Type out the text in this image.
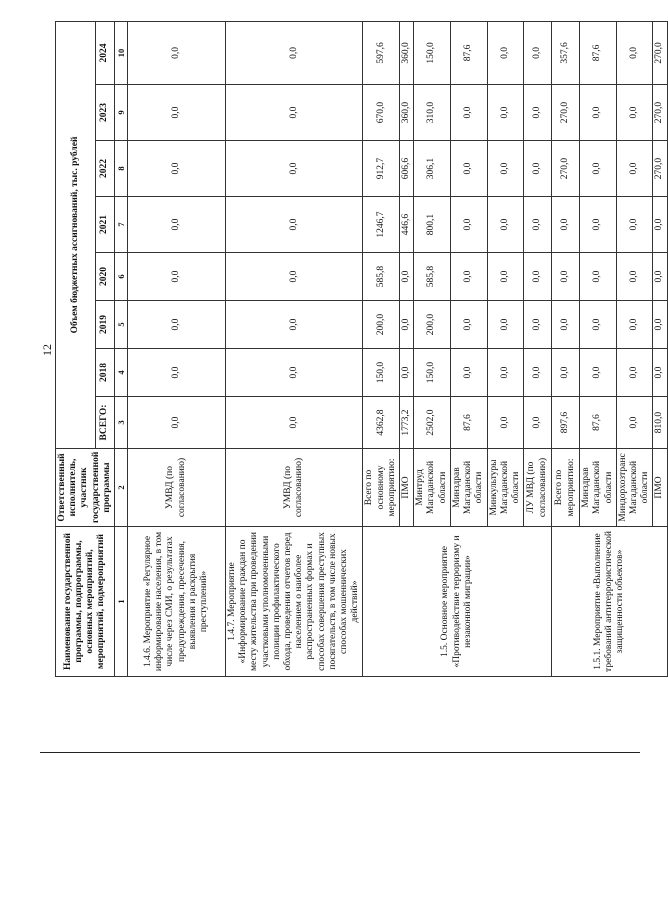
12
Наименование государственной программы, подпрограммы, основных мероприятий, мероприятий, подмероприятий	Ответственный исполнитель, участник государственной программы	Объем бюджетных ассигнований, тыс. рублей							
		ВСЕГО:	2018	2019	2020	2021	2022	2023	2024
1	2	3	4	5	6	7	8	9	10
1.4.6. Мероприятие «Регулярное информирование населения, в том числе через СМИ, о результатах предупреждения, пресечения, выявления и раскрытия преступлений»	УМВД (по согласованию)	0,0	0,0	0,0	0,0	0,0	0,0	0,0	0,0
1.4.7. Мероприятие «Информирование граждан по месту жительства при проведении участковыми уполномоченными полиции профилактического обхода, проведении отчетов перед населением о наиболее распространенных формах и способах совершения преступных посягательств, в том числе новых способах мошеннических действий»	УМВД (по согласованию)	0,0	0,0	0,0	0,0	0,0	0,0	0,0	0,0
1.5. Основное мероприятие «Противодействие терроризму и незаконной миграции»	Всего по основному мероприятию:	4362,8	150,0	200,0	585,8	1246,7	912,7	670,0	597,6
	ПМО	1773,2	0,0	0,0	0,0	446,6	606,6	360,0	360,0
	Минтруд Магаданской области	2502,0	150,0	200,0	585,8	800,1	306,1	310,0	150,0
	Минздрав Магаданской области	87,6	0,0	0,0	0,0	0,0	0,0	0,0	87,6
	Минкультуры Магаданской области	0,0	0,0	0,0	0,0	0,0	0,0	0,0	0,0
	ЛУ МВД (по согласованию)	0,0	0,0	0,0	0,0	0,0	0,0	0,0	0,0
1.5.1. Мероприятие «Выполнение требований антитеррористической защищенности объектов»	Всего по мероприятию:	897,6	0,0	0,0	0,0	0,0	270,0	270,0	357,6
	Минздрав Магаданской области	87,6	0,0	0,0	0,0	0,0	0,0	0,0	87,6
	Миндорхозтранс Магаданской области	0,0	0,0	0,0	0,0	0,0	0,0	0,0	0,0
	ПМО	810,0	0,0	0,0	0,0	0,0	270,0	270,0	270,0
